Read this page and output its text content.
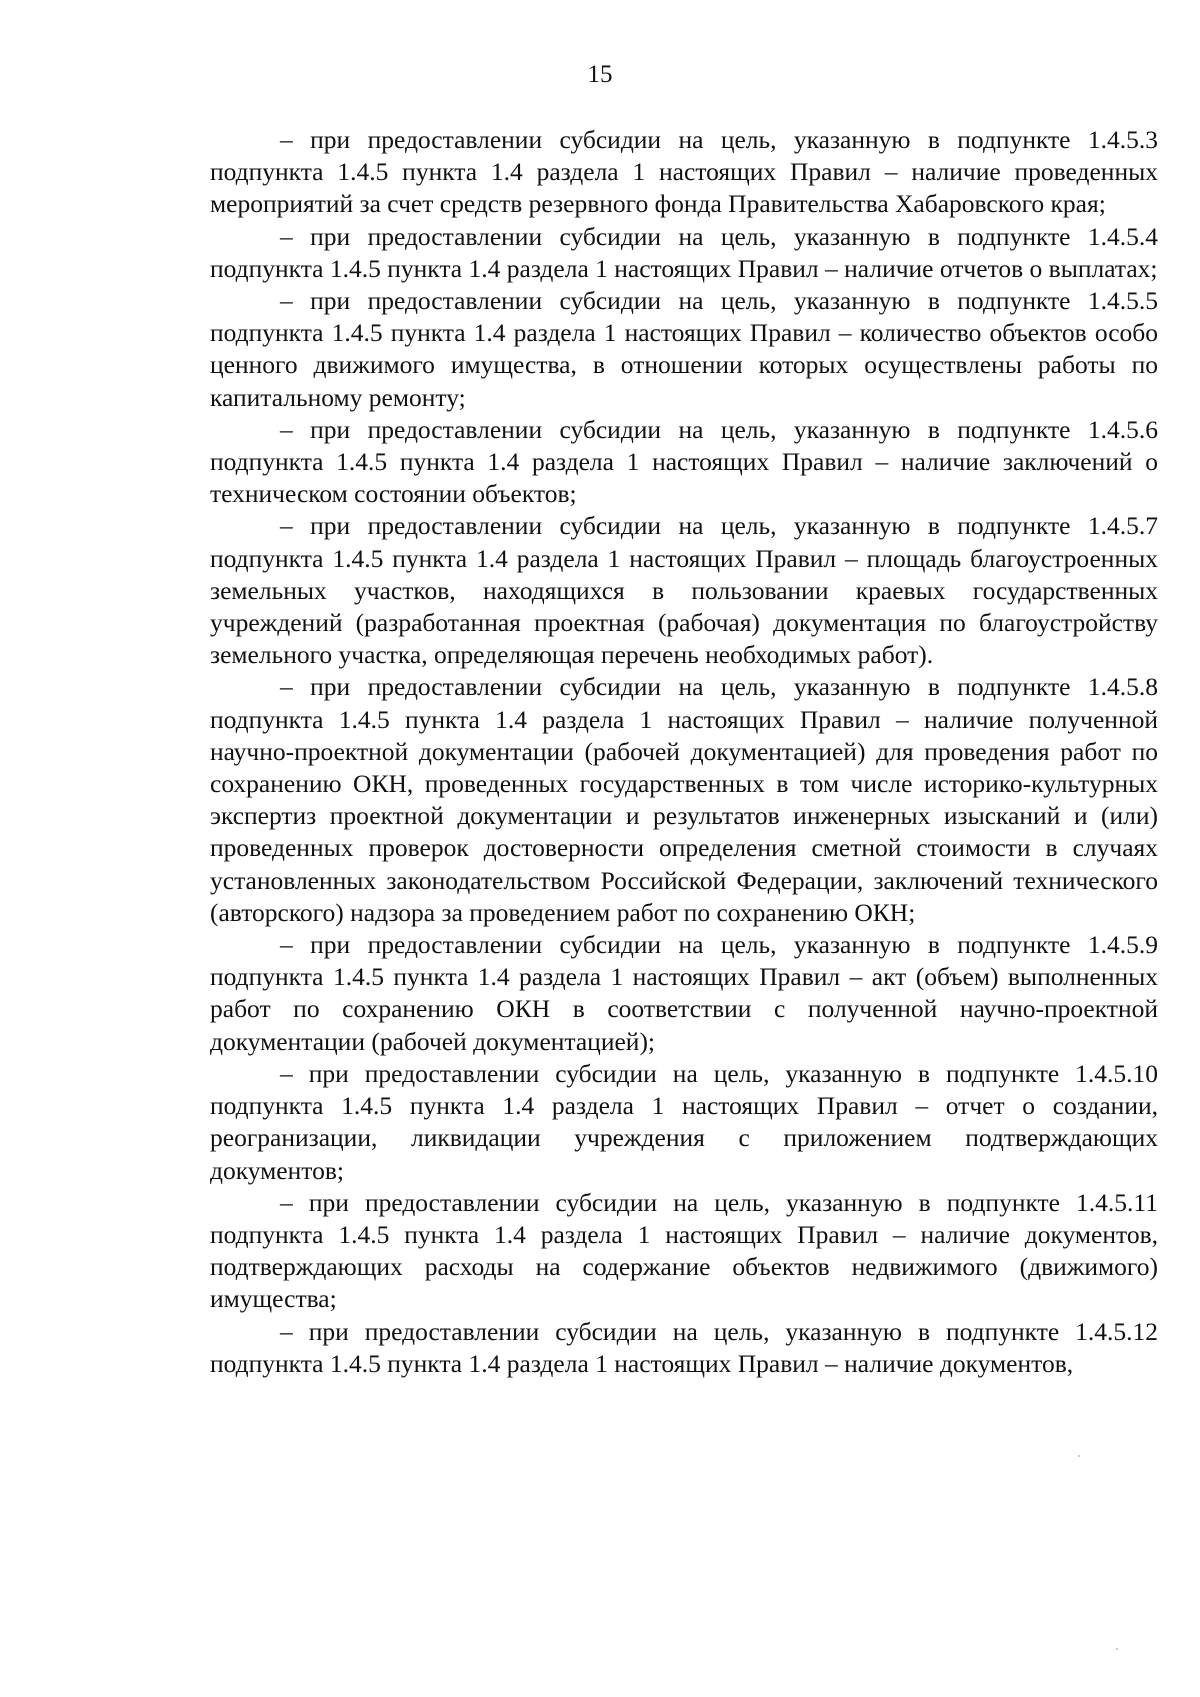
15

– при предоставлении субсидии на цель, указанную в подпункте 1.4.5.3 подпункта 1.4.5 пункта 1.4 раздела 1 настоящих Правил – наличие проведенных мероприятий за счет средств резервного фонда Правительства Хабаровского края;

– при предоставлении субсидии на цель, указанную в подпункте 1.4.5.4 подпункта 1.4.5 пункта 1.4 раздела 1 настоящих Правил – наличие отчетов о выплатах;

– при предоставлении субсидии на цель, указанную в подпункте 1.4.5.5 подпункта 1.4.5 пункта 1.4 раздела 1 настоящих Правил – количество объектов особо ценного движимого имущества, в отношении которых осуществлены работы по капитальному ремонту;

– при предоставлении субсидии на цель, указанную в подпункте 1.4.5.6 подпункта 1.4.5 пункта 1.4 раздела 1 настоящих Правил – наличие заключений о техническом состоянии объектов;

– при предоставлении субсидии на цель, указанную в подпункте 1.4.5.7 подпункта 1.4.5 пункта 1.4 раздела 1 настоящих Правил – площадь благоустроенных земельных участков, находящихся в пользовании краевых государственных учреждений (разработанная проектная (рабочая) документация по благоустройству земельного участка, определяющая перечень необходимых работ).

– при предоставлении субсидии на цель, указанную в подпункте 1.4.5.8 подпункта 1.4.5 пункта 1.4 раздела 1 настоящих Правил – наличие полученной научно-проектной документации (рабочей документацией) для проведения работ по сохранению ОКН, проведенных государственных в том числе историко-культурных экспертиз проектной документации и результатов инженерных изысканий и (или) проведенных проверок достоверности определения сметной стоимости в случаях установленных законодательством Российской Федерации, заключений технического (авторского) надзора за проведением работ по сохранению ОКН;

– при предоставлении субсидии на цель, указанную в подпункте 1.4.5.9 подпункта 1.4.5 пункта 1.4 раздела 1 настоящих Правил – акт (объем) выполненных работ по сохранению ОКН в соответствии с полученной научно-проектной документации (рабочей документацией);

– при предоставлении субсидии на цель, указанную в подпункте 1.4.5.10 подпункта 1.4.5 пункта 1.4 раздела 1 настоящих Правил – отчет о создании, реогранизации, ликвидации учреждения с приложением подтверждающих документов;

– при предоставлении субсидии на цель, указанную в подпункте 1.4.5.11 подпункта 1.4.5 пункта 1.4 раздела 1 настоящих Правил – наличие документов, подтверждающих расходы на содержание объектов недвижимого (движимого) имущества;

– при предоставлении субсидии на цель, указанную в подпункте 1.4.5.12 подпункта 1.4.5 пункта 1.4 раздела 1 настоящих Правил – наличие документов,
